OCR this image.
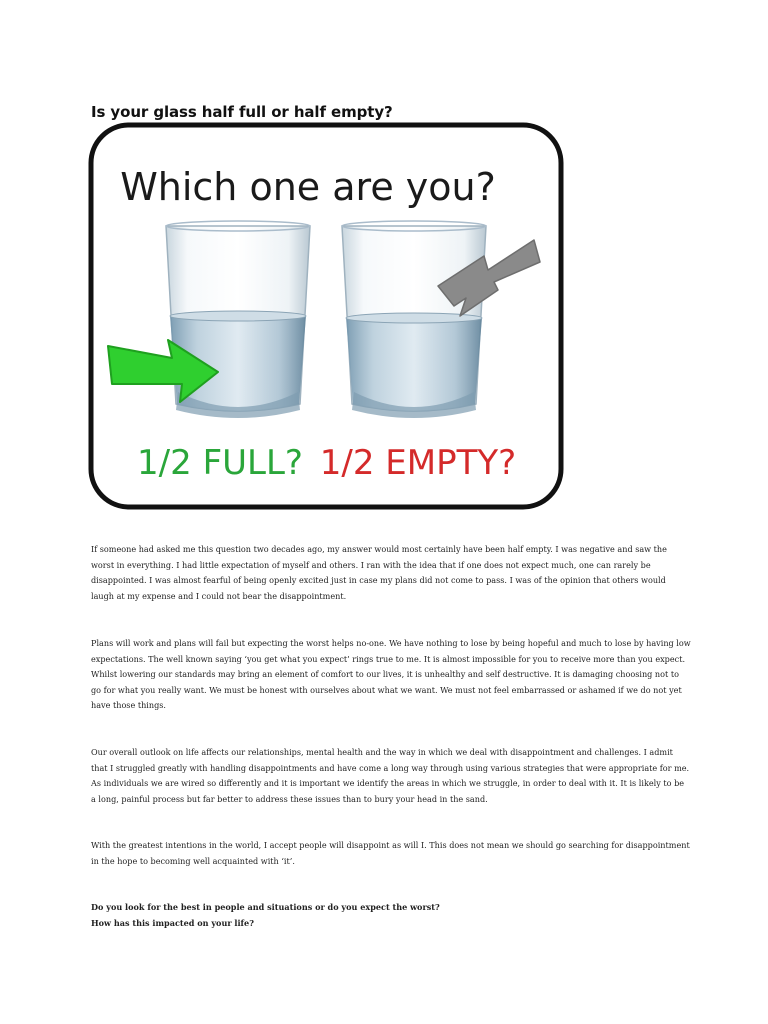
Is your glass half full or half empty?
Which one are you?
1/2 FULL? 1/2 EMPTY?

If someone had asked me this question two decades ago, my answer would most certainly have been half empty. I was negative and saw the worst in everything. I had little expectation of myself and others. I ran with the idea that if one does not expect much, one can rarely be disappointed. I was almost fearful of being openly excited just in case my plans did not come to pass. I was of the opinion that others would laugh at my expense and I could not bear the disappointment.

Plans will work and plans will fail but expecting the worst helps no-one. We have nothing to lose by being hopeful and much to lose by having low expectations. The well known saying ‘you get what you expect’ rings true to me. It is almost impossible for you to receive more than you expect. Whilst lowering our standards may bring an element of comfort to our lives, it is unhealthy and self destructive. It is damaging choosing not to go for what you really want. We must be honest with ourselves about what we want. We must not feel embarrassed or ashamed if we do not yet have those things.

Our overall outlook on life affects our relationships, mental health and the way in which we deal with disappointment and challenges. I admit that I struggled greatly with handling disappointments and have come a long way through using various strategies that were appropriate for me. As individuals we are wired so differently and it is important we identify the areas in which we struggle, in order to deal with it. It is likely to be a long, painful process but far better to address these issues than to bury your head in the sand.

With the greatest intentions in the world, I accept people will disappoint as will I. This does not mean we should go searching for disappointment in the hope to becoming well acquainted with ‘it’.

Do you look for the best in people and situations or do you expect the worst?

How has this impacted on your life?
